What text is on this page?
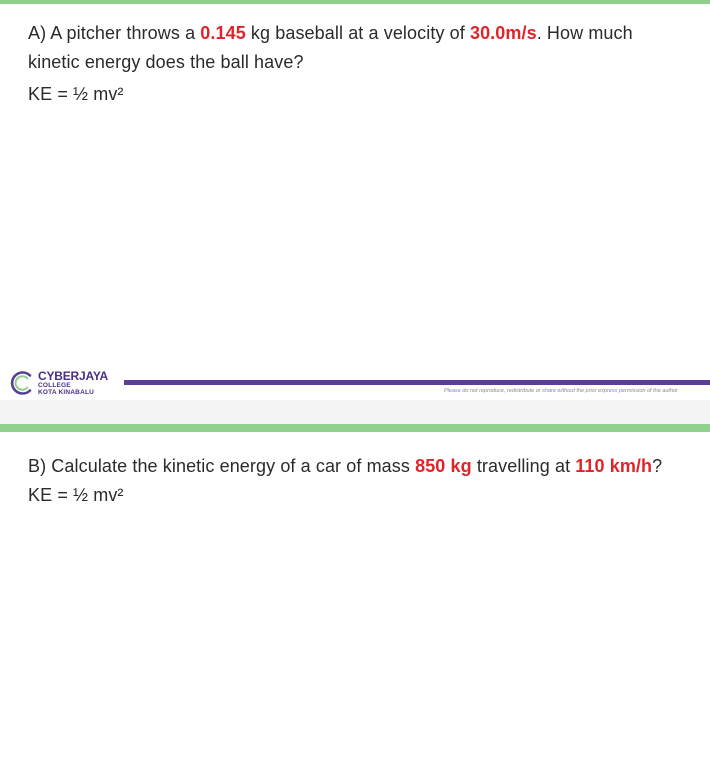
A) A pitcher throws a 0.145 kg baseball at a velocity of 30.0m/s. How much kinetic energy does the ball have?
KE = ½ mv²
CYBERJAYA
COLLEGE
KOTA KINABALU	Please do not reproduce, redistribute or share without the prior express permission of the author
B) Calculate the kinetic energy of a car of mass 850 kg travelling at 110 km/h? KE = ½ mv²
